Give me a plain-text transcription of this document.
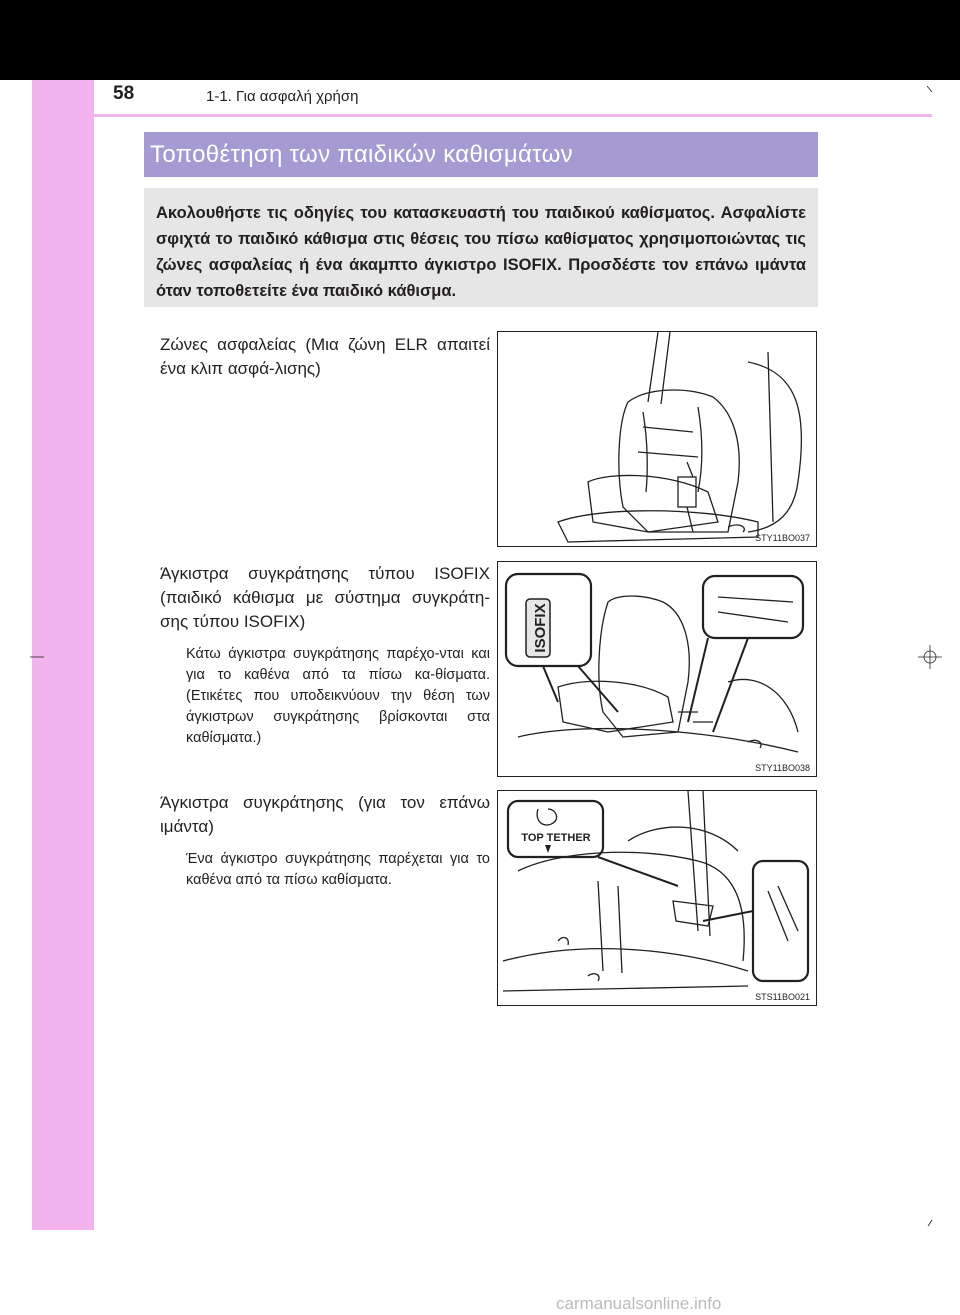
58	1-1. Για ασφαλή χρήση
Τοποθέτηση των παιδικών καθισμάτων

Ακολουθήστε τις οδηγίες του κατασκευαστή του παιδικού καθίσματος. Ασφαλίστε σφιχτά το παιδικό κάθισμα στις θέσεις του πίσω καθίσματος χρησιμοποιώντας τις ζώνες ασφαλείας ή ένα άκαμπτο άγκιστρο ISOFIX. Προσδέστε τον επάνω ιμάντα όταν τοποθετείτε ένα παιδικό κάθισμα.

Ζώνες ασφαλείας (Μια ζώνη ELR απαιτεί ένα κλιπ ασφά-λισης)
STY11BO037
Άγκιστρα συγκράτησης τύπου ISOFIX (παιδικό κάθισμα με σύστημα συγκράτη-σης τύπου ISOFIX)

Κάτω άγκιστρα συγκράτησης παρέχο-νται και για το καθένα από τα πίσω κα-θίσματα. (Ετικέτες που υποδεικνύουν την θέση των άγκιστρων συγκράτησης βρίσκονται στα καθίσματα.)

ISOFIX
STY11BO038
Άγκιστρα συγκράτησης (για τον επάνω ιμάντα)

Ένα άγκιστρο συγκράτησης παρέχεται για το καθένα από τα πίσω καθίσματα.

TOP TETHER
STS11BO021
carmanualsonline.info
